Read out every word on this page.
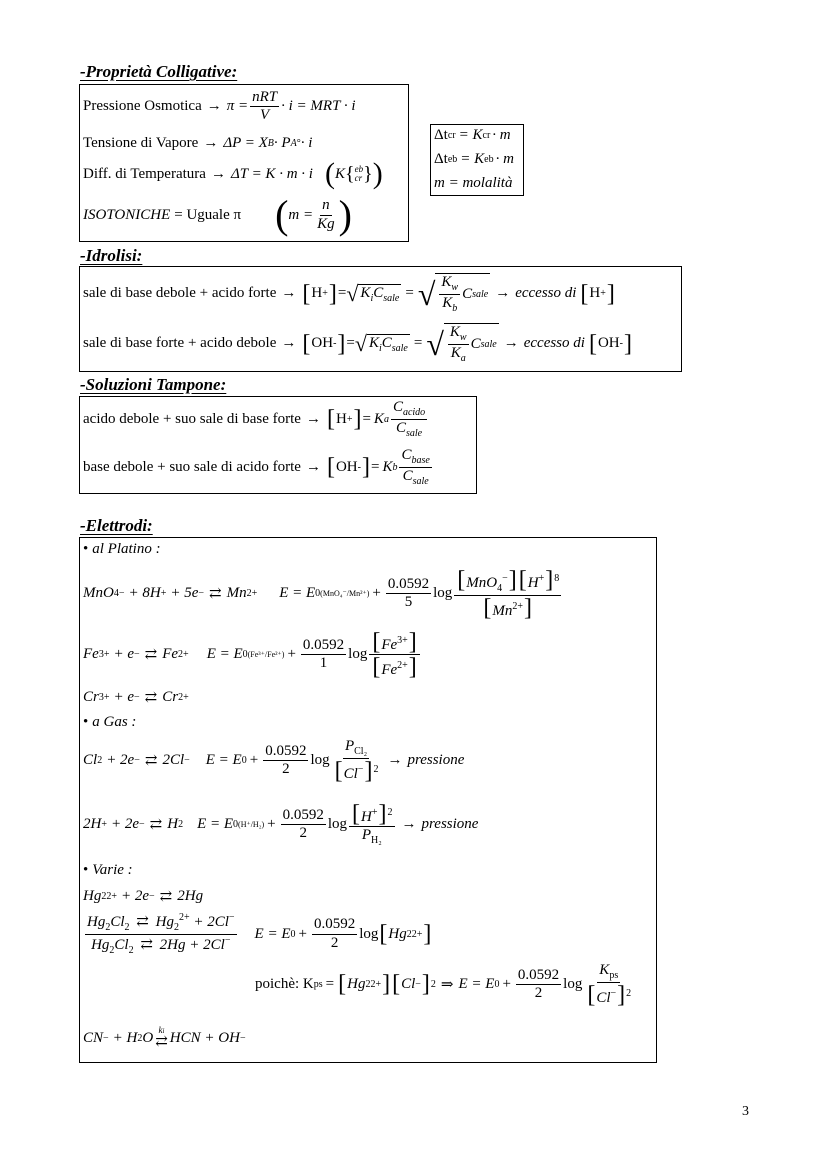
-Proprietà Colligative:
Pressione Osmotica → $\pi = \frac{\text{nRT}}{V} \cdot i$ = MRT · i
Tensione di Vapore → ΔP = X B · P A ° · i
Diff. di Temperatura → ΔT = K · m · i ( K { eb
cr } )
ISOTONICHE = Uguale π ( $m = \frac{n}{Kg}$ )
Δt cr = K cr · m
Δt eb = K eb · m
m = molalità
-Idrolisi:
sale di base debole + acido forte → [ H + ] = √ $K_iC_{sale}$ = √ $\frac{K_w}{K_b}$ C sale → eccesso di [ H + ]
sale di base forte + acido debole → [ OH - ] = √ $K_iC_{sale}$ = √ $\frac{K_w}{K_a}$ C sale → eccesso di [ OH - ]
-Soluzioni Tampone:
acido debole + suo sale di base forte → [ H + ] = K a $\frac{C_{acido}}{C_{sale}}$
base debole + suo sale di acido forte → [ OH - ] = K b $\frac{C_{base}}{C_{sale}}$
-Elettrodi:
• al Platino :
MnO 4 − + 8H + + 5e − ⇄ Mn 2+ E = E 0 $(MnO_4^-/Mn^{2+}) + \frac{0.0592}{5}$ $\log \frac{[MnO_4^-][H^+]^8}{[Mn^{2+}]}$
Fe 3+ + e − ⇄ Fe 2+ E = E 0 $(Fe^{3+}/Fe^{2+}) + \frac{0.0592}{1}$ $\log \frac{[Fe^{3+}]}{[Fe^{2+}]}$
Cr 3+ + e − ⇄ Cr 2+
• a Gas :
Cl 2 + 2e − ⇄ 2Cl − E = E $0 + \frac{0.0592}{2}$ $\log \frac{P_{Cl_2}}{[Cl^-]^2}$ → pressione
2H + + 2e − ⇄ H 2 E = E 0 $(H^+/H_2) + \frac{0.0592}{2}$ $\log \frac{[H^+]^2}{P_{H_2}}$ → pressione
• Varie :
Hg 2 2+ + 2e − ⇄ 2Hg
$\frac{Hg_2Cl_2 ⇄ Hg_2^{2+} + 2Cl^-}{Hg_2Cl_2 ⇄ 2Hg + 2Cl^-}$ E = E $0 + \frac{0.0592}{2}$ log [ Hg 2 2+ ]
poichè: K ps = [ Hg 2 2+ ] [ Cl − ] 2 ⇒ E = E $0 + \frac{0.0592}{2}$ $\log \frac{K_{ps}}{[Cl^-]^2}$
CN − + H 2 O ki
⇄ HCN + OH −
3
